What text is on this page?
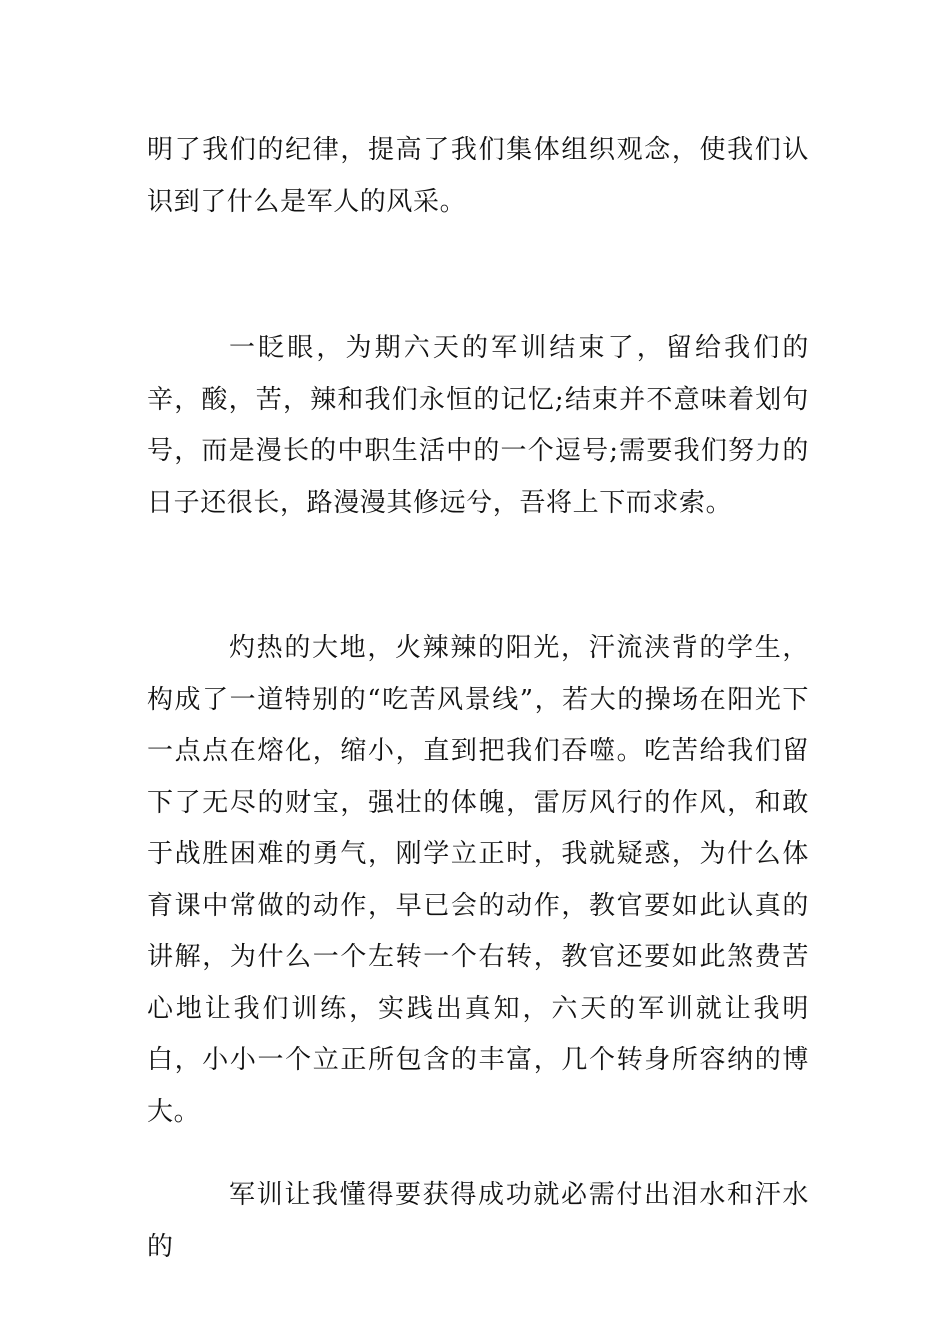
明了我们的纪律，提高了我们集体组织观念，使我们认识到了什么是军人的风采。

一眨眼，为期六天的军训结束了，留给我们的辛，酸，苦，辣和我们永恒的记忆;结束并不意味着划句号，而是漫长的中职生活中的一个逗号;需要我们努力的日子还很长，路漫漫其修远兮，吾将上下而求索。

灼热的大地，火辣辣的阳光，汗流浃背的学生，构成了一道特别的“吃苦风景线”，若大的操场在阳光下一点点在熔化，缩小，直到把我们吞噬。吃苦给我们留下了无尽的财宝，强壮的体魄，雷厉风行的作风，和敢于战胜困难的勇气，刚学立正时，我就疑惑，为什么体育课中常做的动作，早已会的动作，教官要如此认真的讲解，为什么一个左转一个右转，教官还要如此煞费苦心地让我们训练，实践出真知，六天的军训就让我明白，小小一个立正所包含的丰富，几个转身所容纳的博大。

军训让我懂得要获得成功就必需付出泪水和汗水的
